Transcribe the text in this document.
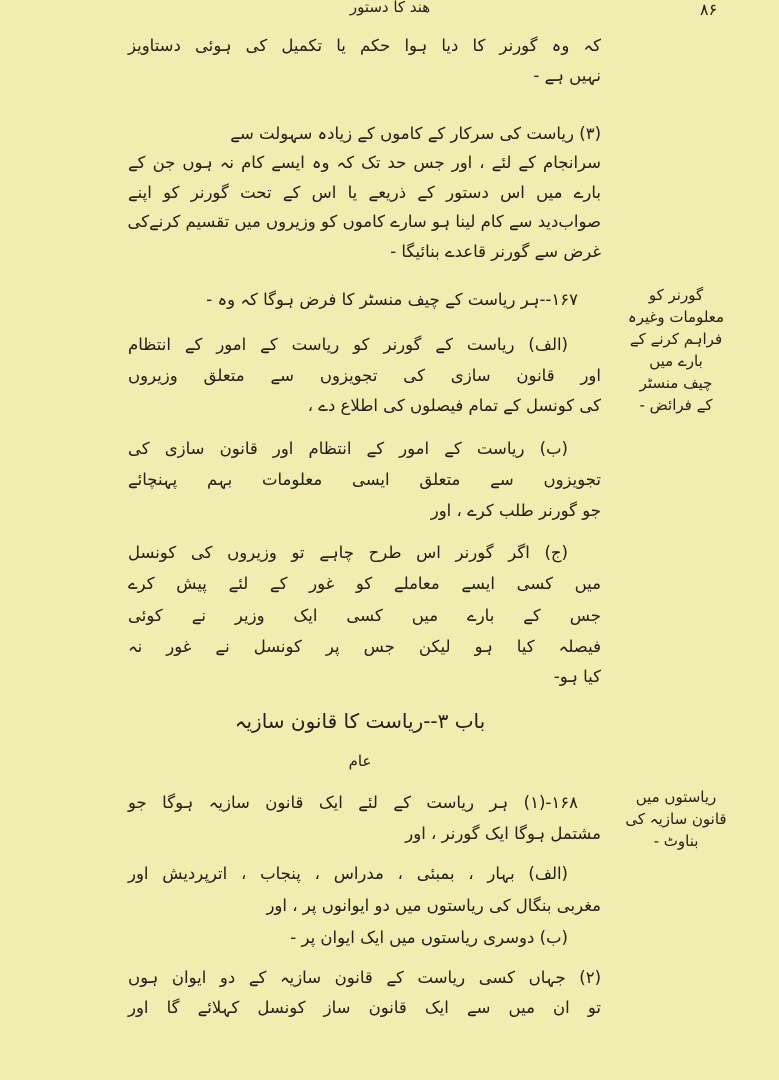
ھند کا دستور	۸۶
کہ وہ گورنر کا دیا ہوا حکم یا تکمیل کی ہوئی دستاویز
نہیں ہے -
(۳) ریاست کی سرکار کے کاموں کے زیادہ سہولت سے
سرانجام کے لئے ، اور جس حد تک کہ وہ ایسے کام نہ ہوں جن کے
بارے میں اس دستور کے ذریعے یا اس کے تحت گورنر کو اپنے
صواب‌دید سے کام لینا ہو سارے کاموں کو وزیروں میں تقسیم کرنےکی
غرض سے گورنر قاعدے بنائیگا -
۱۶۷--ہر ریاست کے چیف منسٹر کا فرض ہوگا کہ وہ -
(الف) ریاست کے گورنر کو ریاست کے امور کے انتظام
اور قانون سازی کی تجویزوں سے متعلق وزیروں
کی کونسل کے تمام فیصلوں کی اطلاع دے ،
(ب) ریاست کے امور کے انتظام اور قانون سازی کی
تجویزوں سے متعلق ایسی معلومات بہم پہنچائے
جو گورنر طلب کرے ، اور
(ج) اگر گورنر اس طرح چاہے تو وزیروں کی کونسل
میں کسی ایسے معاملے کو غور کے لئے پیش کرے
جس کے بارے میں کسی ایک وزیر نے کوئی
فیصلہ کیا ہو لیکن جس پر کونسل نے غور نہ
کیا ہو-
باب ۳--ریاست کا قانون سازیہ
عام
۱۶۸-(۱) ہر ریاست کے لئے ایک قانون سازیہ ہوگا جو
مشتمل ہوگا ایک گورنر ، اور
(الف) بہار ، بمبئی ، مدراس ، پنجاب ، اترپردیش اور
مغربی بنگال کی ریاستوں میں دو ایوانوں پر ، اور
(ب) دوسری ریاستوں میں ایک ایوان پر -
(۲) جہاں کسی ریاست کے قانون سازیہ کے دو ایوان ہوں
تو ان میں سے ایک قانون ساز کونسل کہلائے گا اور
گورنر کو
معلومات وغیرہ
فراہم کرنے کے
بارے میں
چیف منسٹر
کے فرائض -
ریاستوں میں
قانون سازیہ کی
بناوٹ -
